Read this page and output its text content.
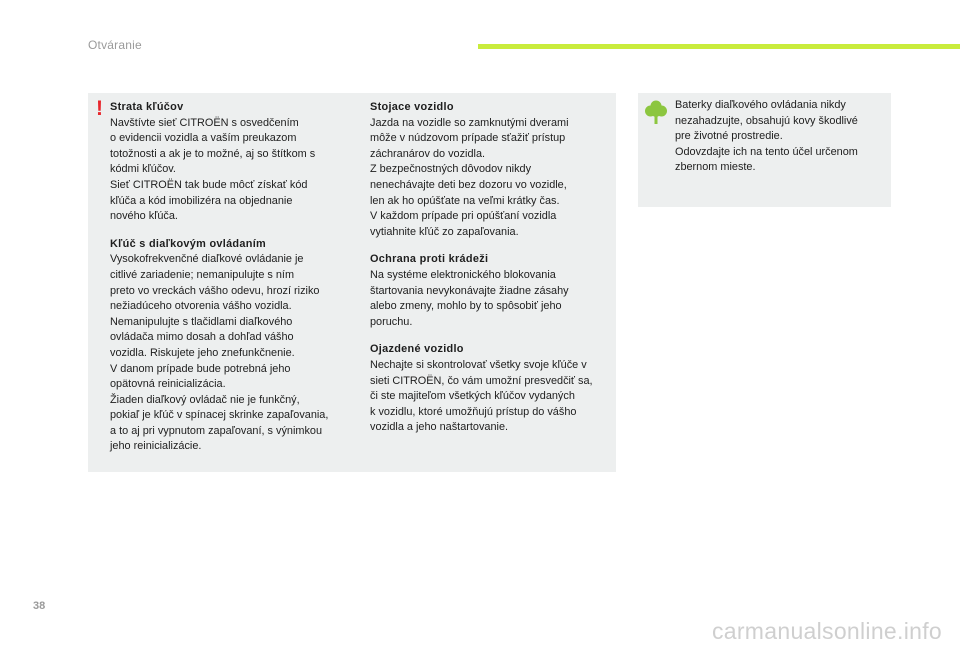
Otváranie
! Strata kľúčov
Navštívte sieť CITROËN s osvedčením
o evidencii vozidla a vaším preukazom
totožnosti a ak je to možné, aj so štítkom s
kódmi kľúčov.
Sieť CITROËN tak bude môcť získať kód
kľúča a kód imobilizéra na objednanie
nového kľúča.
Kľúč s diaľkovým ovládaním
Vysokofrekvenčné diaľkové ovládanie je
citlivé zariadenie; nemanipulujte s ním
preto vo vreckách vášho odevu, hrozí riziko
nežiadúceho otvorenia vášho vozidla.
Nemanipulujte s tlačidlami diaľkového
ovládača mimo dosah a dohľad vášho
vozidla. Riskujete jeho znefunkčnenie.
V danom prípade bude potrebná jeho
opätovná reinicializácia.
Žiaden diaľkový ovládač nie je funkčný,
pokiaľ je kľúč v spínacej skrinke zapaľovania,
a to aj pri vypnutom zapaľovaní, s výnimkou
jeho reinicializácie.
Stojace vozidlo
Jazda na vozidle so zamknutými dverami
môže v núdzovom prípade sťažiť prístup
záchranárov do vozidla.
Z bezpečnostných dôvodov nikdy
nenechávajte deti bez dozoru vo vozidle,
len ak ho opúšťate na veľmi krátky čas.
V každom prípade pri opúšťaní vozidla
vytiahnite kľúč zo zapaľovania.
Ochrana proti krádeži
Na systéme elektronického blokovania
štartovania nevykonávajte žiadne zásahy
alebo zmeny, mohlo by to spôsobiť jeho
poruchu.
Ojazdené vozidlo
Nechajte si skontrolovať všetky svoje kľúče v
sieti CITROËN, čo vám umožní presvedčiť sa,
či ste majiteľom všetkých kľúčov vydaných
k vozidlu, ktoré umožňujú prístup do vášho
vozidla a jeho naštartovanie.
Baterky diaľkového ovládania nikdy
nezahadzujte, obsahujú kovy škodlivé
pre životné prostredie.
Odovzdajte ich na tento účel určenom
zbernom mieste.
38
carmanualsonline.info
